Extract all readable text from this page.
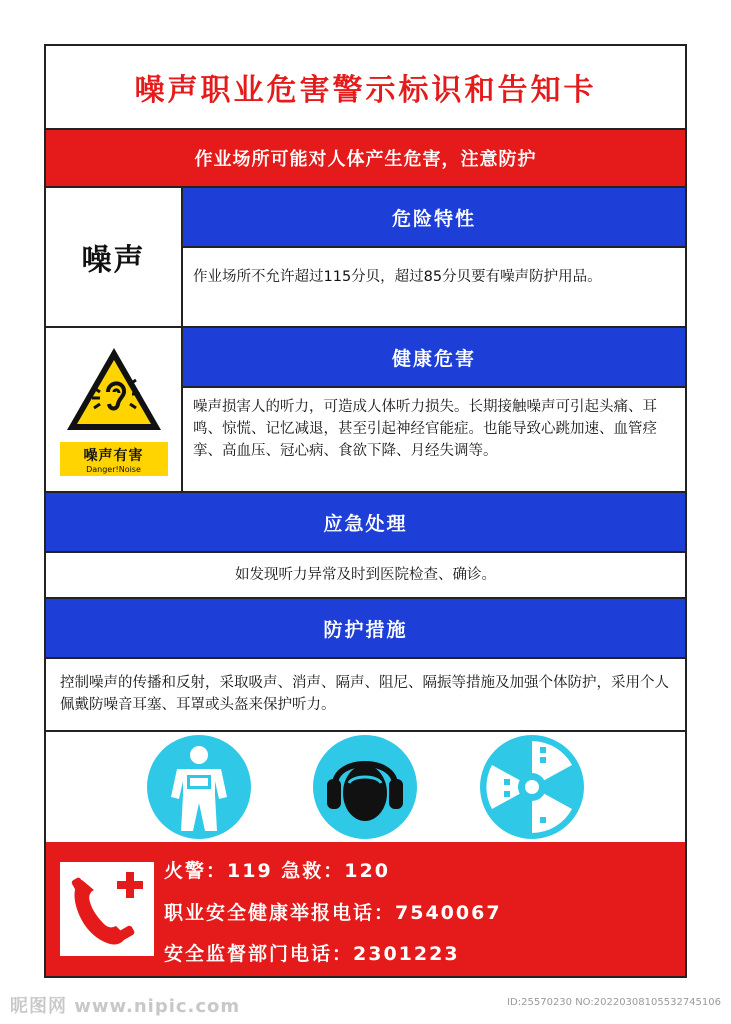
噪声职业危害警示标识和告知卡
作业场所可能对人体产生危害，注意防护
噪声
危险特性
作业场所不允许超过115分贝，超过85分贝要有噪声防护用品。
噪声有害
Danger!Noise
健康危害
噪声损害人的听力，可造成人体听力损失。长期接触噪声可引起头痛、耳鸣、惊慌、记忆减退，甚至引起神经官能症。也能导致心跳加速、血管痉挛、高血压、冠心病、食欲下降、月经失调等。
应急处理
如发现听力异常及时到医院检查、确诊。
防护措施
控制噪声的传播和反射，采取吸声、消声、隔声、阻尼、隔振等措施及加强个体防护，采用个人佩戴防噪音耳塞、耳罩或头盔来保护听力。
火警：119 急救：120
职业安全健康举报电话：7540067
安全监督部门电话：2301223
昵图网 www.nipic.com	ID:25570230 NO:20220308105532745106
